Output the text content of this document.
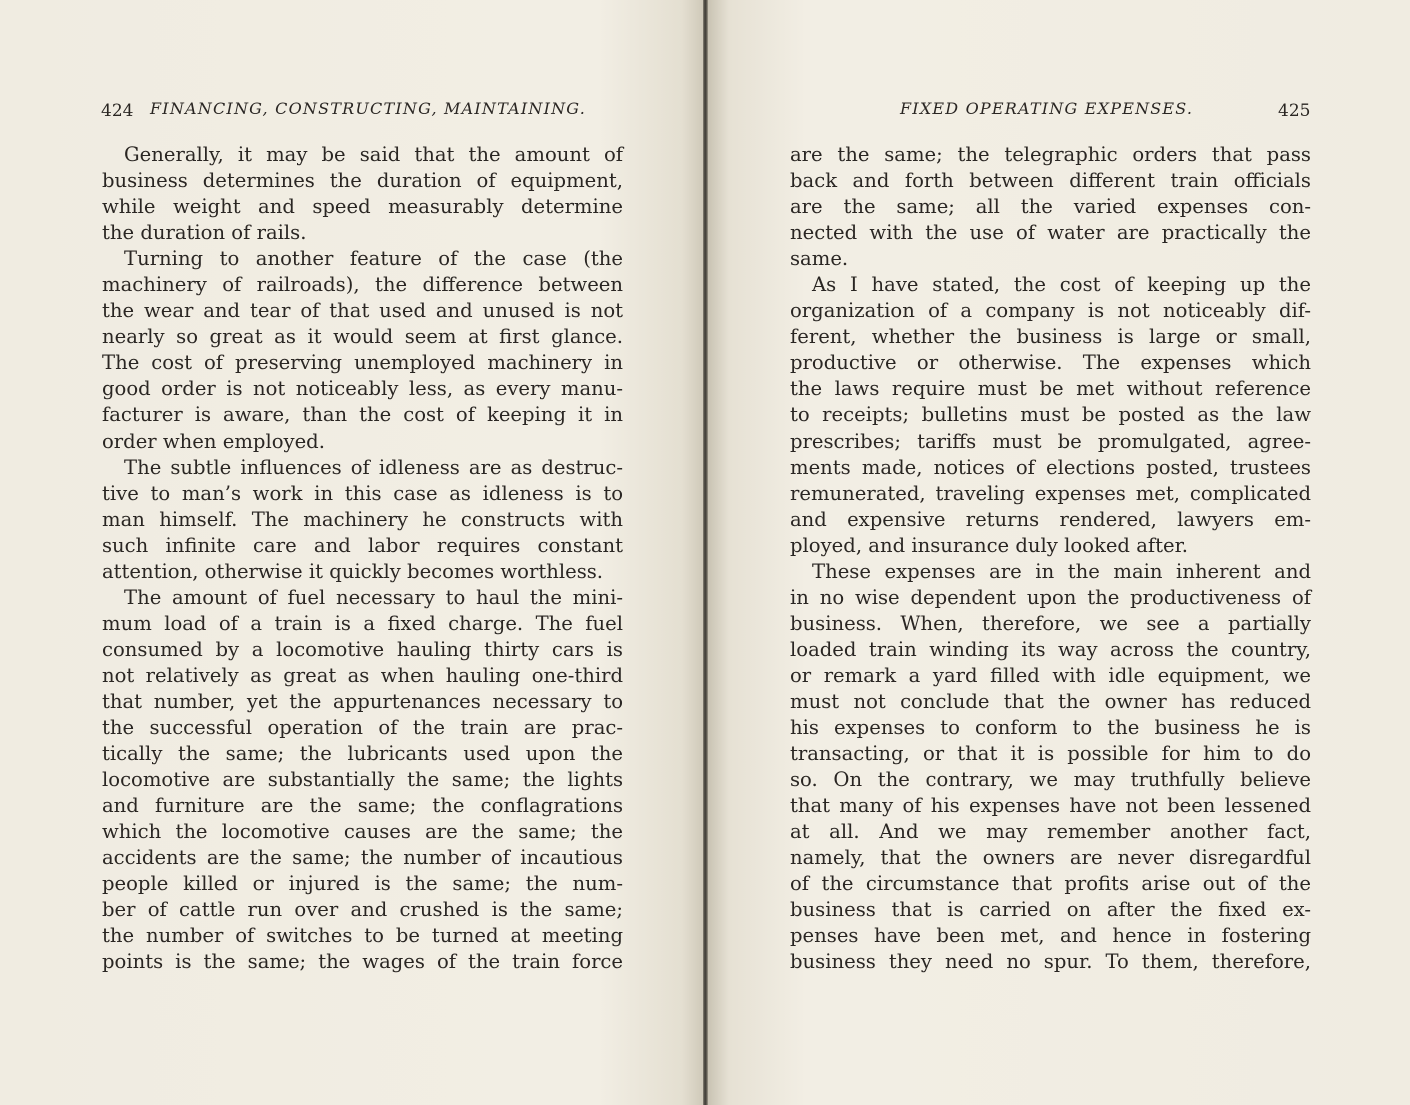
424 FINANCING, CONSTRUCTING, MAINTAINING.
Generally, it may be said that the amount of
business determines the duration of equipment,
while weight and speed measurably determine
the duration of rails.
Turning to another feature of the case (the
machinery of railroads), the difference between
the wear and tear of that used and unused is not
nearly so great as it would seem at first glance.
The cost of preserving unemployed machinery in
good order is not noticeably less, as every manu-
facturer is aware, than the cost of keeping it in
order when employed.
The subtle influences of idleness are as destruc-
tive to man’s work in this case as idleness is to
man himself. The machinery he constructs with
such infinite care and labor requires constant
attention, otherwise it quickly becomes worthless.
The amount of fuel necessary to haul the mini-
mum load of a train is a fixed charge. The fuel
consumed by a locomotive hauling thirty cars is
not relatively as great as when hauling one-third
that number, yet the appurtenances necessary to
the successful operation of the train are prac-
tically the same; the lubricants used upon the
locomotive are substantially the same; the lights
and furniture are the same; the conflagrations
which the locomotive causes are the same; the
accidents are the same; the number of incautious
people killed or injured is the same; the num-
ber of cattle run over and crushed is the same;
the number of switches to be turned at meeting
points is the same; the wages of the train force
FIXED OPERATING EXPENSES.	425
are the same; the telegraphic orders that pass
back and forth between different train officials
are the same; all the varied expenses con-
nected with the use of water are practically the
same.
As I have stated, the cost of keeping up the
organization of a company is not noticeably dif-
ferent, whether the business is large or small,
productive or otherwise. The expenses which
the laws require must be met without reference
to receipts; bulletins must be posted as the law
prescribes; tariffs must be promulgated, agree-
ments made, notices of elections posted, trustees
remunerated, traveling expenses met, complicated
and expensive returns rendered, lawyers em-
ployed, and insurance duly looked after.
These expenses are in the main inherent and
in no wise dependent upon the productiveness of
business. When, therefore, we see a partially
loaded train winding its way across the country,
or remark a yard filled with idle equipment, we
must not conclude that the owner has reduced
his expenses to conform to the business he is
transacting, or that it is possible for him to do
so. On the contrary, we may truthfully believe
that many of his expenses have not been lessened
at all. And we may remember another fact,
namely, that the owners are never disregardful
of the circumstance that profits arise out of the
business that is carried on after the fixed ex-
penses have been met, and hence in fostering
business they need no spur. To them, therefore,
